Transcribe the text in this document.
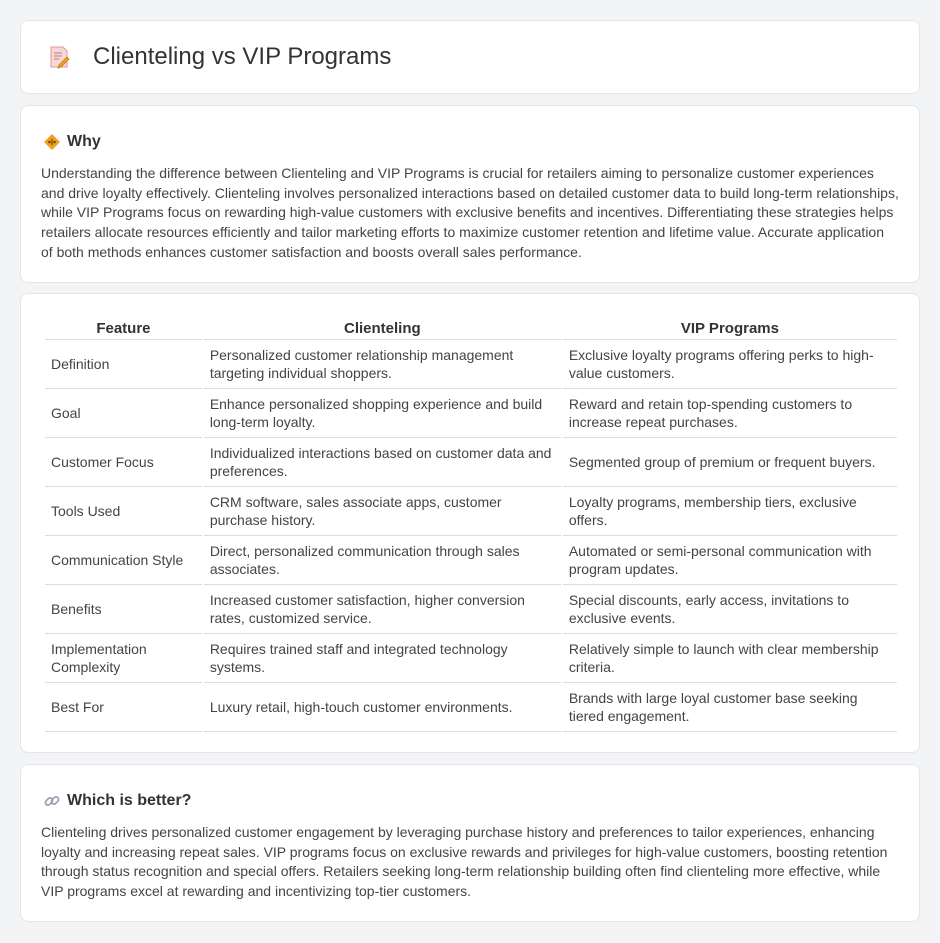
Clienteling vs VIP Programs
Why

Understanding the difference between Clienteling and VIP Programs is crucial for retailers aiming to personalize customer experiences and drive loyalty effectively. Clienteling involves personalized interactions based on detailed customer data to build long-term relationships, while VIP Programs focus on rewarding high-value customers with exclusive benefits and incentives. Differentiating these strategies helps retailers allocate resources efficiently and tailor marketing efforts to maximize customer retention and lifetime value. Accurate application of both methods enhances customer satisfaction and boosts overall sales performance.

Feature	Clienteling	VIP Programs
Definition	Personalized customer relationship management targeting individual shoppers.	Exclusive loyalty programs offering perks to high-value customers.
Goal	Enhance personalized shopping experience and build long-term loyalty.	Reward and retain top-spending customers to increase repeat purchases.
Customer Focus	Individualized interactions based on customer data and preferences.	Segmented group of premium or frequent buyers.
Tools Used	CRM software, sales associate apps, customer purchase history.	Loyalty programs, membership tiers, exclusive offers.
Communication Style	Direct, personalized communication through sales associates.	Automated or semi-personal communication with program updates.
Benefits	Increased customer satisfaction, higher conversion rates, customized service.	Special discounts, early access, invitations to exclusive events.
Implementation Complexity	Requires trained staff and integrated technology systems.	Relatively simple to launch with clear membership criteria.
Best For	Luxury retail, high-touch customer environments.	Brands with large loyal customer base seeking tiered engagement.
Which is better?

Clienteling drives personalized customer engagement by leveraging purchase history and preferences to tailor experiences, enhancing loyalty and increasing repeat sales. VIP programs focus on exclusive rewards and privileges for high-value customers, boosting retention through status recognition and special offers. Retailers seeking long-term relationship building often find clienteling more effective, while VIP programs excel at rewarding and incentivizing top-tier customers.
